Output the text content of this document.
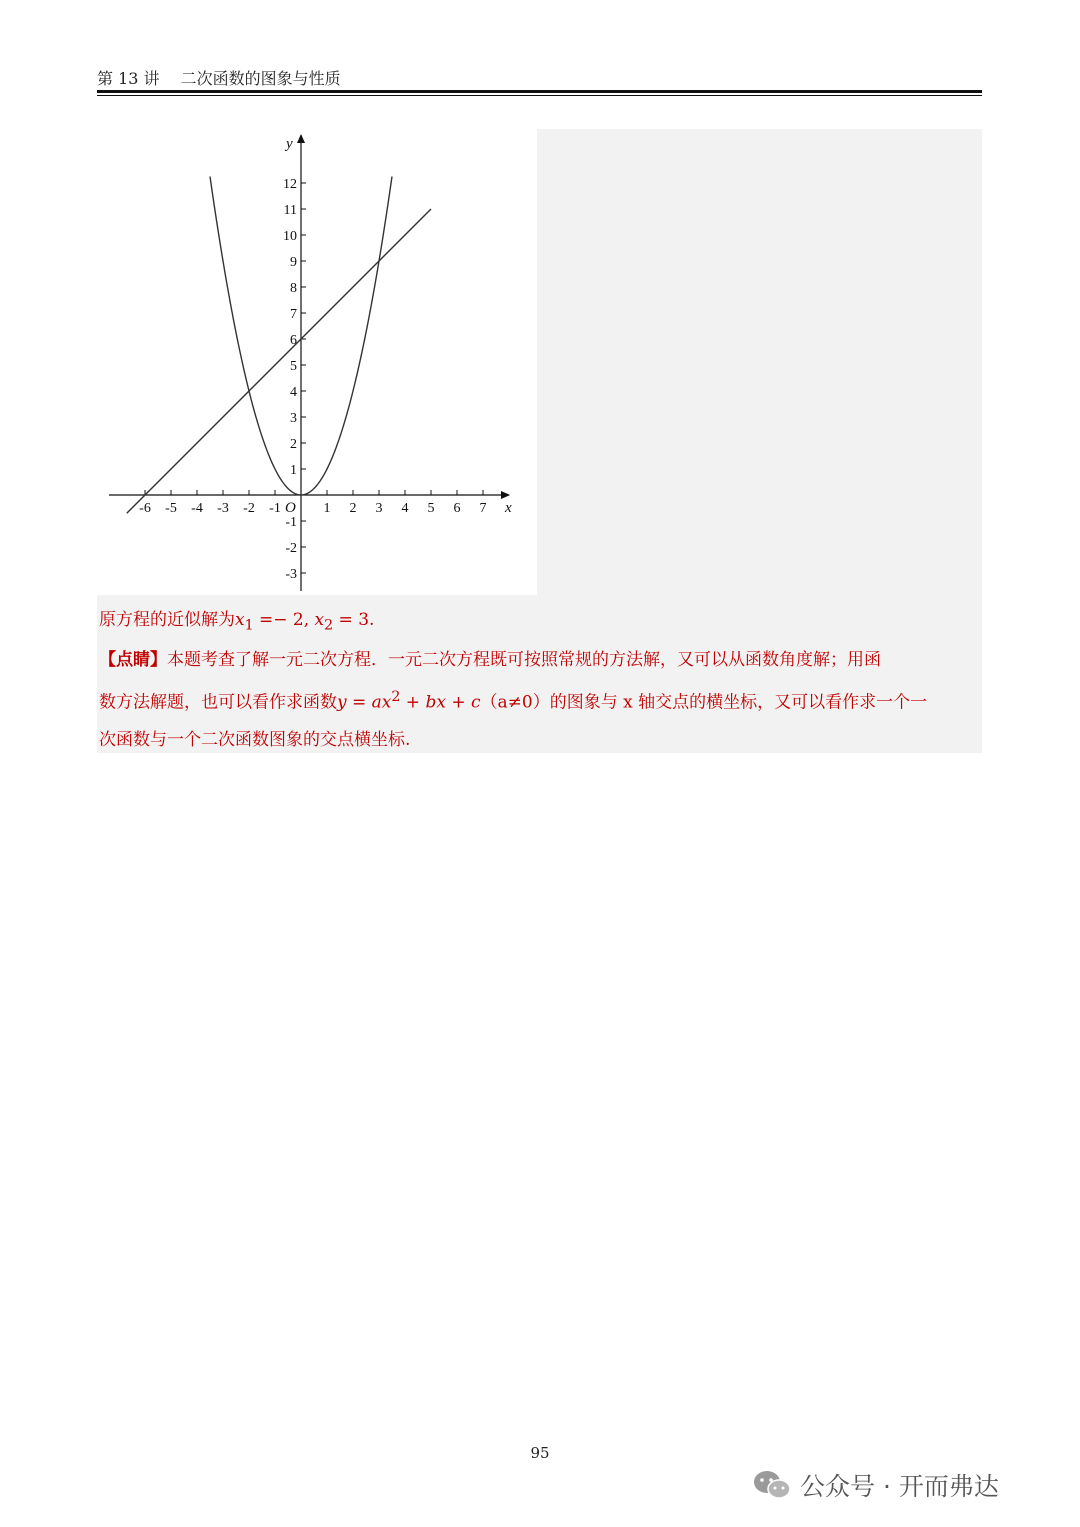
第 13 讲 二次函数的图象与性质
-6 -5 -4 -3 -2 -1	1 2 3 4 5 6 7
12
11
10
9
8
7
6
5
4
3
2
1
-1
-2
-3
x
y
O
原方程的近似解为$x_1 =- 2$, $x_2 = 3$.
【点睛】本题考查了解一元二次方程．一元二次方程既可按照常规的方法解，又可以从函数角度解；用函
数方法解题，也可以看作求函数$y = ax^2$ + bx + c（a≠0）的图象与 x 轴交点的横坐标，又可以看作求一个一
次函数与一个二次函数图象的交点横坐标.
95
公众号 · 开而弗达
